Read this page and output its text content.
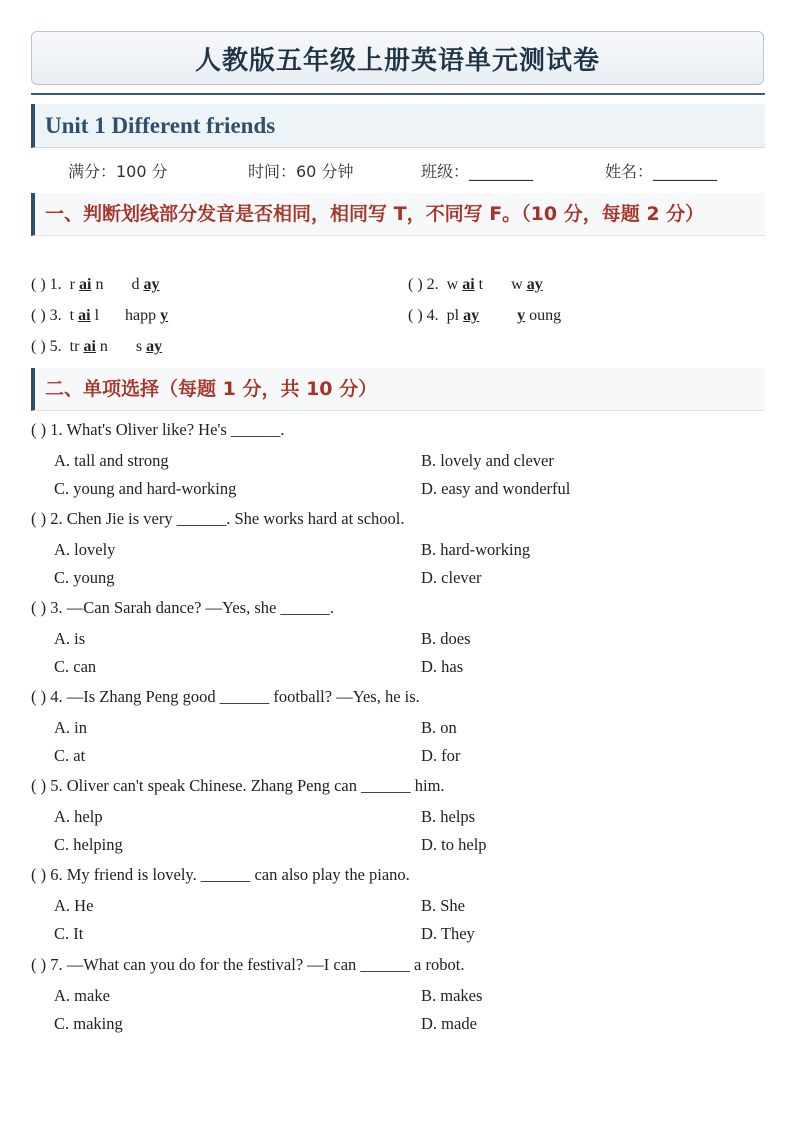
人教版五年级上册英语单元测试卷
Unit 1 Different friends
满分：100 分	时间：60 分钟	班级：________	姓名：________
一、判断划线部分发音是否相同，相同写 T，不同写 F。（10 分，每题 2 分）
( ) 1. r ai n d ay	( ) 2. w ai t w ay
( ) 3. t ai l happ y	( ) 4. pl ay y oung
( ) 5. tr ai n s ay
二、单项选择（每题 1 分，共 10 分）
( ) 1. What's Oliver like? He's ______.
A. tall and strong	B. lovely and clever
C. young and hard-working	D. easy and wonderful
( ) 2. Chen Jie is very ______. She works hard at school.
A. lovely	B. hard-working
C. young	D. clever
( ) 3. —Can Sarah dance? —Yes, she ______.
A. is	B. does
C. can	D. has
( ) 4. —Is Zhang Peng good ______ football? —Yes, he is.
A. in	B. on
C. at	D. for
( ) 5. Oliver can't speak Chinese. Zhang Peng can ______ him.
A. help	B. helps
C. helping	D. to help
( ) 6. My friend is lovely. ______ can also play the piano.
A. He	B. She
C. It	D. They
( ) 7. —What can you do for the festival? —I can ______ a robot.
A. make	B. makes
C. making	D. made
